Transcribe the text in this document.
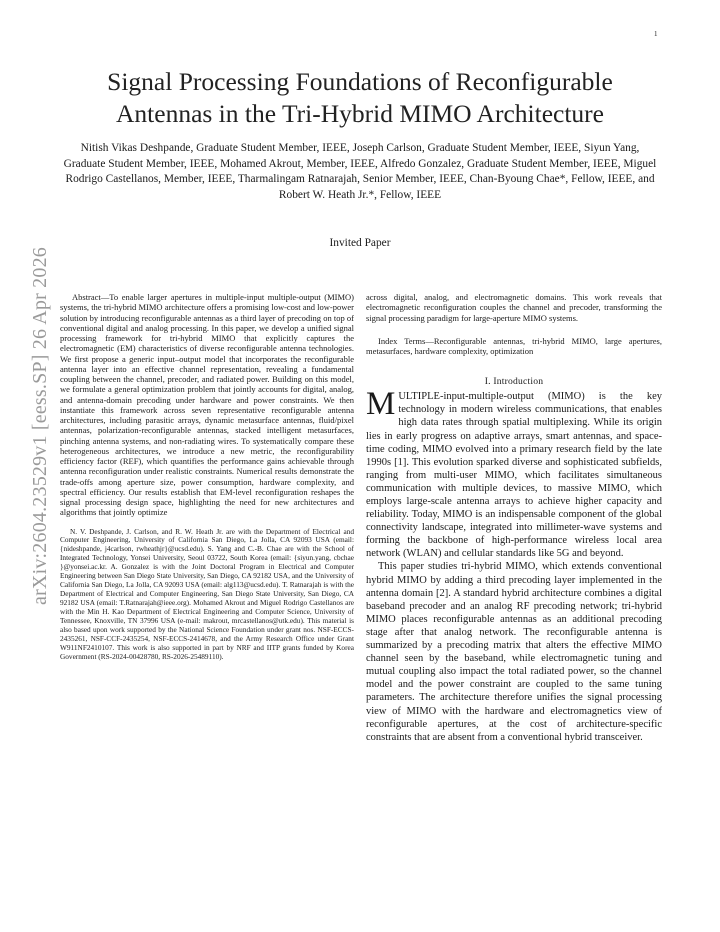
1
arXiv:2604.23529v1 [eess.SP] 26 Apr 2026
Signal Processing Foundations of Reconfigurable Antennas in the Tri-Hybrid MIMO Architecture
Nitish Vikas Deshpande, Graduate Student Member, IEEE, Joseph Carlson, Graduate Student Member, IEEE, Siyun Yang, Graduate Student Member, IEEE, Mohamed Akrout, Member, IEEE, Alfredo Gonzalez, Graduate Student Member, IEEE, Miguel Rodrigo Castellanos, Member, IEEE, Tharmalingam Ratnarajah, Senior Member, IEEE, Chan-Byoung Chae*, Fellow, IEEE, and Robert W. Heath Jr.*, Fellow, IEEE
Invited Paper

Abstract—To enable larger apertures in multiple-input multiple-output (MIMO) systems, the tri-hybrid MIMO architecture offers a promising low-cost and low-power solution by introducing reconfigurable antennas as a third layer of precoding on top of conventional digital and analog processing. In this paper, we develop a unified signal processing framework for tri-hybrid MIMO that explicitly captures the electromagnetic (EM) characteristics of diverse reconfigurable antenna technologies. We first propose a generic input–output model that incorporates the reconfigurable antenna layer into an effective channel representation, revealing a fundamental coupling between the channel, precoder, and radiated power. Building on this model, we formulate a general optimization problem that jointly accounts for digital, analog, and antenna-domain precoding under hardware and power constraints. We then instantiate this framework across seven representative reconfigurable antenna architectures, including parasitic arrays, dynamic metasurface antennas, fluid/pixel antennas, polarization-reconfigurable antennas, stacked intelligent metasurfaces, pinching antenna systems, and non-radiating wires. To systematically compare these heterogeneous architectures, we introduce a new metric, the reconfigurability efficiency factor (REF), which quantifies the performance gains achievable through antenna reconfiguration under realistic constraints. Numerical results demonstrate the trade-offs among aperture size, power consumption, hardware complexity, and spectral efficiency. Our results establish that EM-level reconfiguration reshapes the signal processing design space, highlighting the need for new architectures and algorithms that jointly optimize

N. V. Deshpande, J. Carlson, and R. W. Heath Jr. are with the Department of Electrical and Computer Engineering, University of California San Diego, La Jolla, CA 92093 USA (email: {nideshpande, j4carlson, rwheathjr}@ucsd.edu). S. Yang and C.-B. Chae are with the School of Integrated Technology, Yonsei University, Seoul 03722, South Korea (email: {siyun.yang, cbchae }@yonsei.ac.kr. A. Gonzalez is with the Joint Doctoral Program in Electrical and Computer Engineering between San Diego State University, San Diego, CA 92182 USA, and the University of California San Diego, La Jolla, CA 92093 USA (email: alg113@ucsd.edu). T. Ratnarajah is with the Department of Electrical and Computer Engineering, San Diego State University, San Diego, CA 92182 USA (email: T.Ratnarajah@ieee.org). Mohamed Akrout and Miguel Rodrigo Castellanos are with the Min H. Kao Department of Electrical Engineering and Computer Science, University of Tennessee, Knoxville, TN 37996 USA (e-mail: makrout, mrcastellanos@utk.edu). This material is also based upon work supported by the National Science Foundation under grant nos. NSF-ECCS-2435261, NSF-CCF-2435254, NSF-ECCS-2414678, and the Army Research Office under Grant W911NF2410107. This work is also supported in part by NRF and IITP grants funded by Korea Government (RS-2024-00428780, RS-2026-25489110).

across digital, analog, and electromagnetic domains. This work reveals that electromagnetic reconfiguration couples the channel and precoder, transforming the signal processing paradigm for large-aperture MIMO systems.

Index Terms—Reconfigurable antennas, tri-hybrid MIMO, large apertures, metasurfaces, hardware complexity, optimization

I. Introduction

MULTIPLE-input-multiple-output (MIMO) is the key technology in modern wireless communications, that enables high data rates through spatial multiplexing. While its origin lies in early progress on adaptive arrays, smart antennas, and space-time coding, MIMO evolved into a primary research field by the late 1990s [1]. This evolution sparked diverse and sophisticated subfields, ranging from multi-user MIMO, which facilitates simultaneous communication with multiple devices, to massive MIMO, which employs large-scale antenna arrays to achieve higher capacity and reliability. Today, MIMO is an indispensable component of the global connectivity landscape, integrated into millimeter-wave systems and forming the backbone of high-performance wireless local area network (WLAN) and cellular standards like 5G and beyond.

This paper studies tri-hybrid MIMO, which extends conventional hybrid MIMO by adding a third precoding layer implemented in the antenna domain [2]. A standard hybrid architecture combines a digital baseband precoder and an analog RF precoding network; tri-hybrid MIMO places reconfigurable antennas as an additional precoding stage after that analog network. The reconfigurable antenna is summarized by a precoding matrix that alters the effective MIMO channel seen by the baseband, while electromagnetic tuning and mutual coupling also impact the total radiated power, so the channel model and the power constraint are coupled to the same tuning parameters. The architecture therefore unifies the signal processing view of MIMO with the hardware and electromagnetics view of reconfigurable apertures, at the cost of architecture-specific constraints that are absent from a conventional hybrid transceiver.
